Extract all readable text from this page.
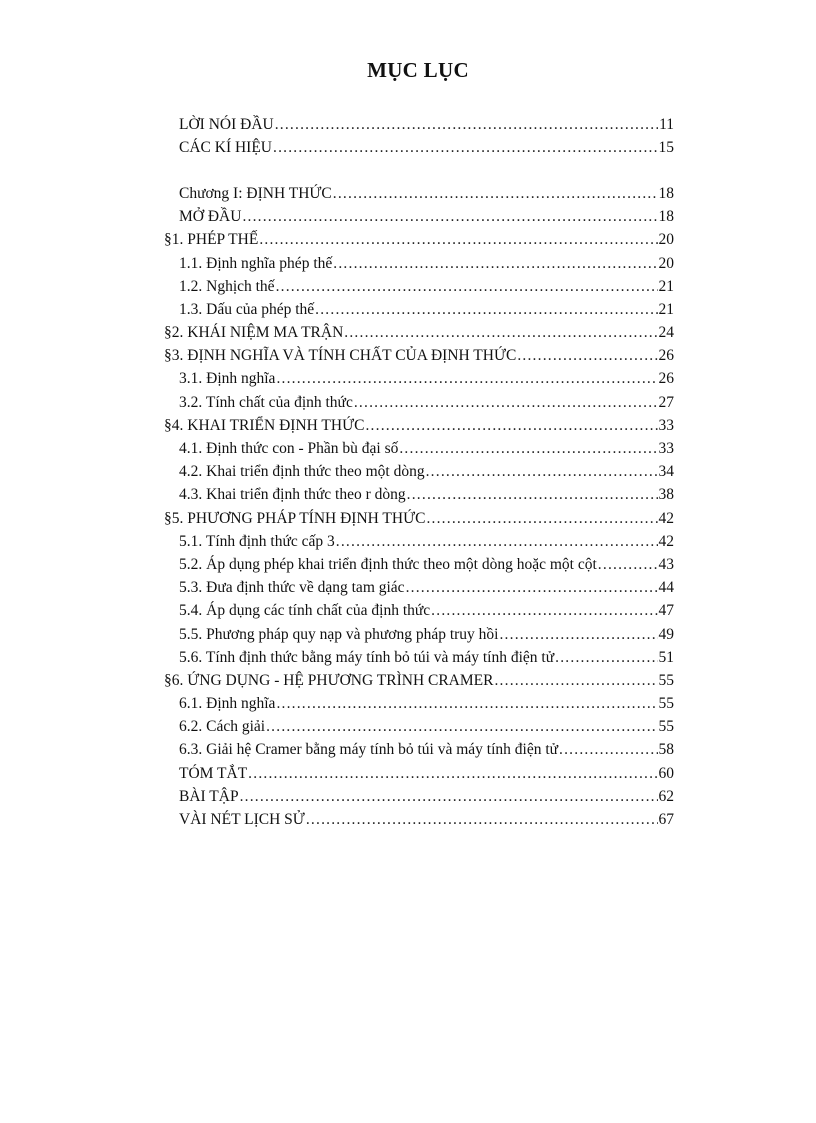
MỤC LỤC
LỜI NÓI ĐẦU .....	11
CÁC KÍ HIỆU .....	15
Chương I: ĐỊNH THỨC .....	18
MỞ ĐẦU .....	18
§1. PHÉP THẾ .....	20
1.1. Định nghĩa phép thế .....	20
1.2. Nghịch thế .....	21
1.3. Dấu của phép thế .....	21
§2. KHÁI NIỆM MA TRẬN .....	24
§3. ĐỊNH NGHĨA VÀ TÍNH CHẤT CỦA ĐỊNH THỨC .....	26
3.1. Định nghĩa .....	26
3.2. Tính chất của định thức .....	27
§4. KHAI TRIỂN ĐỊNH THỨC .....	33
4.1. Định thức con - Phần bù đại số .....	33
4.2. Khai triển định thức theo một dòng .....	34
4.3. Khai triển định thức theo r dòng .....	38
§5. PHƯƠNG PHÁP TÍNH ĐỊNH THỨC .....	42
5.1. Tính định thức cấp 3 .....	42
5.2. Áp dụng phép khai triển định thức theo một dòng hoặc một cột .....	43
5.3. Đưa định thức về dạng tam giác .....	44
5.4. Áp dụng các tính chất của định thức .....	47
5.5. Phương pháp quy nạp và phương pháp truy hồi .....	49
5.6. Tính định thức bằng máy tính bỏ túi và máy tính điện tử .....	51
§6. ỨNG DỤNG - HỆ PHƯƠNG TRÌNH CRAMER .....	55
6.1. Định nghĩa .....	55
6.2. Cách giải .....	55
6.3. Giải hệ Cramer bằng máy tính bỏ túi và máy tính điện tử .....	58
TÓM TẮT .....	60
BÀI TẬP .....	62
VÀI NÉT LỊCH SỬ .....	67
